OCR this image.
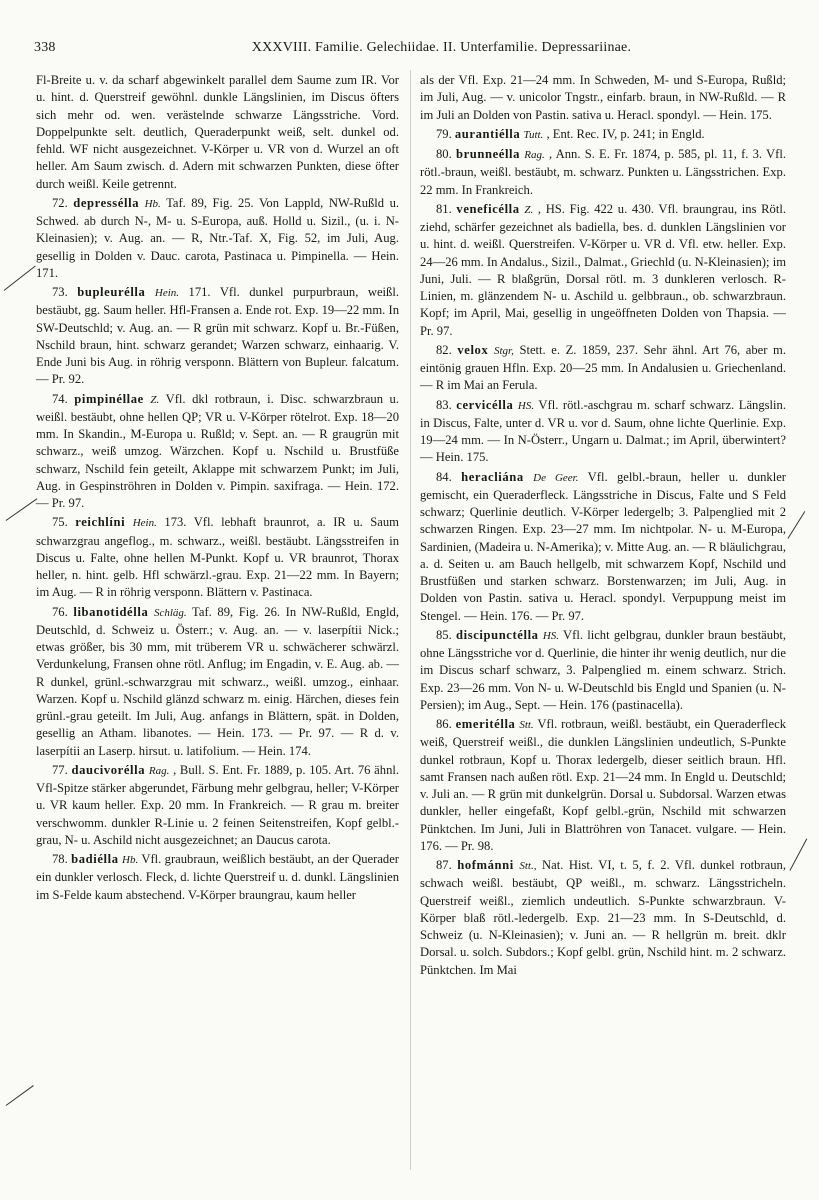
338	XXXVIII. Familie. Gelechiidae. II. Unterfamilie. Depressariinae.

Fl-Breite u. v. da scharf abgewinkelt parallel dem Saume zum IR. Vor u. hint. d. Querstreif gewöhnl. dunkle Längslinien, im Discus öfters sich mehr od. wen. verästelnde schwarze Längsstriche. Vord. Doppelpunkte selt. deutlich, Queraderpunkt weiß, selt. dunkel od. fehld. WF nicht ausgezeichnet. V-Körper u. VR von d. Wurzel an oft heller. Am Saum zwisch. d. Adern mit schwarzen Punkten, diese öfter durch weißl. Keile getrennt.

72. depressélla Hb. Taf. 89, Fig. 25. Von Lappld, NW-Rußld u. Schwed. ab durch N-, M- u. S-Europa, auß. Holld u. Sizil., (u. i. N-Kleinasien); v. Aug. an. — R, Ntr.-Taf. X, Fig. 52, im Juli, Aug. gesellig in Dolden v. Dauc. carota, Pastinaca u. Pimpinella. — Hein. 171.

73. bupleurélla Hein. 171. Vfl. dunkel purpurbraun, weißl. bestäubt, gg. Saum heller. Hfl-Fransen a. Ende rot. Exp. 19—22 mm. In SW-Deutschld; v. Aug. an. — R grün mit schwarz. Kopf u. Br.-Füßen, Nschild braun, hint. schwarz gerandet; Warzen schwarz, einhaarig. V. Ende Juni bis Aug. in röhrig versponn. Blättern von Bupleur. falcatum. — Pr. 92.

74. pimpinéllae Z. Vfl. dkl rotbraun, i. Disc. schwarzbraun u. weißl. bestäubt, ohne hellen QP; VR u. V-Körper rötelrot. Exp. 18—20 mm. In Skandin., M-Europa u. Rußld; v. Sept. an. — R graugrün mit schwarz., weiß umzog. Wärzchen. Kopf u. Nschild u. Brustfüße schwarz, Nschild fein geteilt, Aklappe mit schwarzem Punkt; im Juli, Aug. in Gespinströhren in Dolden v. Pimpin. saxifraga. — Hein. 172. — Pr. 97.

75. reichlíni Hein. 173. Vfl. lebhaft braunrot, a. IR u. Saum schwarzgrau angeflog., m. schwarz., weißl. bestäubt. Längsstreifen in Discus u. Falte, ohne hellen M-Punkt. Kopf u. VR braunrot, Thorax heller, n. hint. gelb. Hfl schwärzl.-grau. Exp. 21—22 mm. In Bayern; im Aug. — R in röhrig versponn. Blättern v. Pastinaca.

76. libanotidélla Schläg. Taf. 89, Fig. 26. In NW-Rußld, Engld, Deutschld, d. Schweiz u. Österr.; v. Aug. an. — v. laserpítii Nick.; etwas größer, bis 30 mm, mit trüberem VR u. schwächerer schwärzl. Verdunkelung, Fransen ohne rötl. Anflug; im Engadin, v. E. Aug. ab. — R dunkel, grünl.-schwarzgrau mit schwarz., weißl. umzog., einhaar. Warzen. Kopf u. Nschild glänzd schwarz m. einig. Härchen, dieses fein grünl.-grau geteilt. Im Juli, Aug. anfangs in Blättern, spät. in Dolden, gesellig an Atham. libanotes. — Hein. 173. — Pr. 97. — R d. v. laserpítii an Laserp. hirsut. u. latifolium. — Hein. 174.

77. daucivorélla Rag. , Bull. S. Ent. Fr. 1889, p. 105. Art. 76 ähnl. Vfl-Spitze stärker abgerundet, Färbung mehr gelbgrau, heller; V-Körper u. VR kaum heller. Exp. 20 mm. In Frankreich. — R grau m. breiter verschwomm. dunkler R-Linie u. 2 feinen Seitenstreifen, Kopf gelbl.-grau, N- u. Aschild nicht ausgezeichnet; an Daucus carota.

78. badiélla Hb. Vfl. graubraun, weißlich bestäubt, an der Querader ein dunkler verlosch. Fleck, d. lichte Querstreif u. d. dunkl. Längslinien im S-Felde kaum abstechend. V-Körper braungrau, kaum heller

als der Vfl. Exp. 21—24 mm. In Schweden, M- und S-Europa, Rußld; im Juli, Aug. — v. unicolor Tngstr., einfarb. braun, in NW-Rußld. — R im Juli an Dolden von Pastin. sativa u. Heracl. spondyl. — Hein. 175.

79. aurantiélla Tutt. , Ent. Rec. IV, p. 241; in Engld.

80. brunneélla Rag. , Ann. S. E. Fr. 1874, p. 585, pl. 11, f. 3. Vfl. rötl.-braun, weißl. bestäubt, m. schwarz. Punkten u. Längsstrichen. Exp. 22 mm. In Frankreich.

81. veneficélla Z. , HS. Fig. 422 u. 430. Vfl. braungrau, ins Rötl. ziehd, schärfer gezeichnet als badiella, bes. d. dunklen Längslinien vor u. hint. d. weißl. Querstreifen. V-Körper u. VR d. Vfl. etw. heller. Exp. 24—26 mm. In Andalus., Sizil., Dalmat., Griechld (u. N-Kleinasien); im Juni, Juli. — R blaßgrün, Dorsal rötl. m. 3 dunkleren verlosch. R-Linien, m. glänzendem N- u. Aschild u. gelbbraun., ob. schwarzbraun. Kopf; im April, Mai, gesellig in ungeöffneten Dolden von Thapsia. — Pr. 97.

82. velox Stgr, Stett. e. Z. 1859, 237. Sehr ähnl. Art 76, aber m. eintönig grauen Hfln. Exp. 20—25 mm. In Andalusien u. Griechenland. — R im Mai an Ferula.

83. cervicélla HS. Vfl. rötl.-aschgrau m. scharf schwarz. Längslin. in Discus, Falte, unter d. VR u. vor d. Saum, ohne lichte Querlinie. Exp. 19—24 mm. — In N-Österr., Ungarn u. Dalmat.; im April, überwintert? — Hein. 175.

84. heracliána De Geer. Vfl. gelbl.-braun, heller u. dunkler gemischt, ein Queraderfleck. Längsstriche in Discus, Falte und S Feld schwarz; Querlinie deutlich. V-Körper ledergelb; 3. Palpenglied mit 2 schwarzen Ringen. Exp. 23—27 mm. Im nichtpolar. N- u. M-Europa, Sardinien, (Madeira u. N-Amerika); v. Mitte Aug. an. — R bläulichgrau, a. d. Seiten u. am Bauch hellgelb, mit schwarzem Kopf, Nschild und Brustfüßen und starken schwarz. Borstenwarzen; im Juli, Aug. in Dolden von Pastin. sativa u. Heracl. spondyl. Verpuppung meist im Stengel. — Hein. 176. — Pr. 97.

85. discipunctélla HS. Vfl. licht gelbgrau, dunkler braun bestäubt, ohne Längsstriche vor d. Querlinie, die hinter ihr wenig deutlich, nur die im Discus scharf schwarz, 3. Palpenglied m. einem schwarz. Strich. Exp. 23—26 mm. Von N- u. W-Deutschld bis Engld und Spanien (u. N-Persien); im Aug., Sept. — Hein. 176 (pastinacella).

86. emeritélla Stt. Vfl. rotbraun, weißl. bestäubt, ein Queraderfleck weiß, Querstreif weißl., die dunklen Längslinien undeutlich, S-Punkte dunkel rotbraun, Kopf u. Thorax ledergelb, dieser seitlich braun. Hfl. samt Fransen nach außen rötl. Exp. 21—24 mm. In Engld u. Deutschld; v. Juli an. — R grün mit dunkelgrün. Dorsal u. Subdorsal. Warzen etwas dunkler, heller eingefaßt, Kopf gelbl.-grün, Nschild mit schwarzen Pünktchen. Im Juni, Juli in Blattröhren von Tanacet. vulgare. — Hein. 176. — Pr. 98.

87. hofmánni Stt., Nat. Hist. VI, t. 5, f. 2. Vfl. dunkel rotbraun, schwach weißl. bestäubt, QP weißl., m. schwarz. Längsstricheln. Querstreif weißl., ziemlich undeutlich. S-Punkte schwarzbraun. V-Körper blaß rötl.-ledergelb. Exp. 21—23 mm. In S-Deutschld, d. Schweiz (u. N-Kleinasien); v. Juni an. — R hellgrün m. breit. dklr Dorsal. u. solch. Subdors.; Kopf gelbl. grün, Nschild hint. m. 2 schwarz. Pünktchen. Im Mai
